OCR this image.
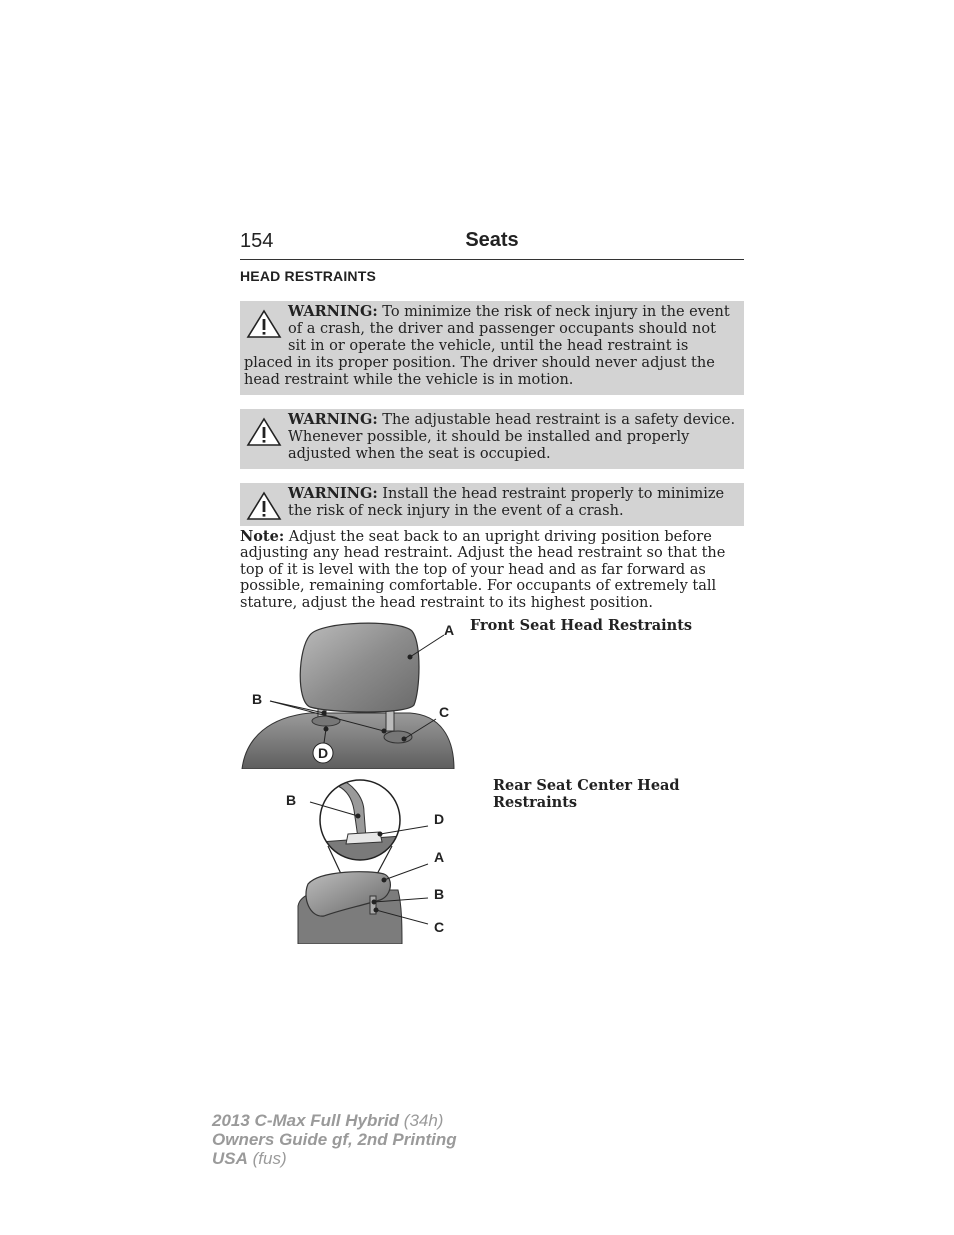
154	Seats
HEAD RESTRAINTS
WARNING: To minimize the risk of neck injury in the event of a crash, the driver and passenger occupants should not sit in or operate the vehicle, until the head restraint is placed in its proper position. The driver should never adjust the head restraint while the vehicle is in motion.
WARNING: The adjustable head restraint is a safety device. Whenever possible, it should be installed and properly adjusted when the seat is occupied.
WARNING: Install the head restraint properly to minimize the risk of neck injury in the event of a crash.
Note: Adjust the seat back to an upright driving position before adjusting any head restraint. Adjust the head restraint so that the top of it is level with the top of your head and as far forward as possible, remaining comfortable. For occupants of extremely tall stature, adjust the head restraint to its highest position.
A
B
C
D
Front Seat Head Restraints
B
D
A
B
C
Rear Seat Center Head Restraints
2013 C-Max Full Hybrid (34h)
Owners Guide gf, 2nd Printing
USA (fus)
